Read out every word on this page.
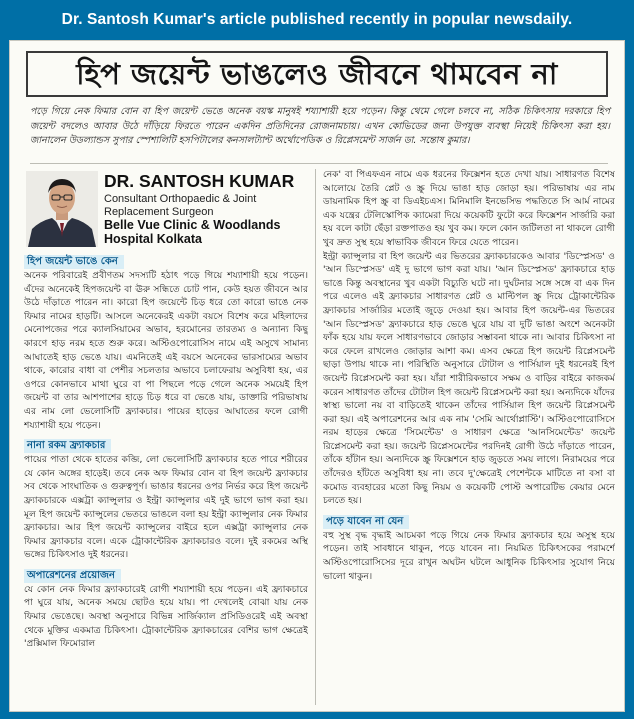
Dr. Santosh Kumar's article published recently in popular newsdaily.
হিপ জয়েন্ট ভাঙলেও জীবনে থামবেন না
পড়ে গিয়ে নেক ফিমার বোন বা হিপ জয়েন্ট ভেঙে অনেক বয়স্ক মানুষই শয্যাশায়ী হয়ে পড়েন। কিন্তু থেমে গেলে চলবে না, সঠিক চিকিৎসায় দরকারে হিপ জয়েন্ট বদলেও আবার উঠে দাঁড়িয়ে ফিরতে পারেন একদিন প্রতিদিনের রোজনামচায়। এখন কোভিডের জন্য উপযুক্ত ব্যবস্থা নিয়েই চিকিৎসা করা হয়। জানালেন উডল্যান্ডস সুপার স্পেশালিটি হসপিটালের কনসালট্যান্ট অর্থোপেডিক ও রিপ্লেসমেন্ট সার্জন ডা. সন্তোষ কুমার।
DR. SANTOSH KUMAR
Consultant Orthopaedic & Joint Replacement Surgeon
Belle Vue Clinic & Woodlands Hospital Kolkata
হিপ জয়েন্ট ভাঙে কেন

অনেক পরিবারেই প্রবীণতম সদস্যটি হঠাৎ পড়ে গিয়ে শয্যাশায়ী হয়ে পড়েন। এঁদের অনেকেই হিপজয়েন্ট বা ঊরু সন্ধিতে চোট পান, কেউ হয়ত জীবনে আর উঠে দাঁড়াতে পারেন না। কারো হিপ জয়েন্টে চিড় ধরে তো কারো ভাঙে নেক ফিমার নামের হাড়টি। আসলে অনেকেরই একটা বয়সে বিশেষ করে মহিলাদের মেনোপজের পরে ক্যালসিয়ামের অভাব, হরমোনের তারতম্য ও অন্যান্য কিছু কারণে হাড় নরম হতে শুরু করে। অস্টিওপোরোসিস নামে এই অসুখে সামান্য আঘাতেই হাড় ভেঙে যায়। এমনিতেই এই বয়সে অনেকের ভারসাম্যের অভাব থাকে, কারোর বাধা বা পেশীর সচলতার অভাবে চলাফেরায় অসুবিধা হয়, এর ওপরে কোনভাবে মাথা ঘুরে বা পা পিছলে পড়ে গেলে অনেক সময়েই হিপ জয়েন্ট বা তার আশপাশের হাড়ে চিড় ধরে বা ভেঙে যায়, ডাক্তারি পরিভাষায় এর নাম লো ভেলোসিটি ফ্র্যাকচার। পায়ের হাড়ের আঘাতের ফলে রোগী শয্যাশায়ী হয়ে পড়েন।

নানা রকম ফ্র্যাকচার

পায়ের পাতা থেকে হাতের কব্জি, লো ভেলোসিটি ফ্র্যাকচার হতে পারে শরীরের যে কোন অঙ্গের হাড়েই। তবে নেক অফ ফিমার বোন বা হিপ জয়েন্ট ফ্র্যাকচার সব থেকে সাংঘাতিক ও গুরুত্বপূর্ণ। ভাঙার ধরনের ওপর নির্ভর করে হিপ জয়েন্ট ফ্র্যাকচারকে এক্সট্রা ক্যাপ্সুলার ও ইন্ট্রা ক্যাপ্সুলার এই দুই ভাগে ভাগ করা হয়। মূল হিপ জয়েন্ট ক্যাপ্সুলের ভেতরে ভাঙলে বলা হয় ইন্ট্রা ক্যাপ্সুলার নেক ফিমার ফ্র্যাকচার। আর হিপ জয়েন্ট ক্যাপ্সুলের বাইরে হলে এক্সট্রা ক্যাপ্সুলার নেক ফিমার ফ্র্যাকচার বলে। একে ট্রোকান্টেরিক ফ্র্যাকচারও বলে। দুই রকমের অস্থি ভঙ্গের চিকিৎসাও দুই ধরনের।

অপারেশনের প্রয়োজন

যে কোন নেক ফিমার ফ্র্যাকচারেই রোগী শয্যাশায়ী হয়ে পড়েন। এই ফ্র্যাকচারে পা ঘুরে যায়, অনেক সময়ে ছোটও হয়ে যায়। পা দেখলেই বোঝা যায় নেক ফিমার ভেঙেছে। অবস্থা অনুসারে বিভিন্ন সার্জিক্যাল প্রসিডিওরেই এই অবস্থা থেকে মুক্তির একমাত্র চিকিৎসা। ট্রোকান্টেরিক ফ্র্যাকচারের বেশির ভাগ ক্ষেত্রেই 'প্রক্সিমাল ফিমোরাল

নেক' বা পিএফএন নামে এক ধরনের ফিক্সেশন হতে দেখা যায়। সাধারণত বিশেষ আলোয়ে তৈরি প্লেট ও স্ক্রু দিয়ে ভাঙা হাড় জোড়া হয়। পরিভাষায় এর নাম ডায়নামিক হিপ স্ক্রু বা ডিএইচএস। মিনিমালি ইনভেসিভ পদ্ধতিতে সি আর্ম নামের এক যন্ত্রের টেলিস্কোপিক ক্যামেরা দিয়ে কয়েকটি ফুটো করে ফিক্সেশন সার্জারি করা হয় বলে কাটা ছেঁড়া রক্তপাতও হয় খুব কম। ফলে কোন জটিলতা না থাকলে রোগী খুব দ্রুত সুস্থ হয়ে স্বাভাবিক জীবনে ফিরে যেতে পারেন।

ইন্ট্রা ক্যাপ্সুলার বা হিপ জয়েন্ট এর ভিতরের ফ্র্যাকচারকেও আবার 'ডিস্প্লেসড' ও 'আন ডিস্প্লেসড' এই দু ভাগে ভাগ করা যায়। 'আন ডিস্প্লেসড' ফ্র্যাকচারে হাড় ভাঙে কিন্তু অবস্থানের খুব একটা বিচ্যুতি ঘটে না। দুর্ঘটনার সঙ্গে সঙ্গে বা এক দিন পরে এলেও এই ফ্র্যাকচার সাধারণত প্লেট ও মাল্টিপল স্ক্রু দিয়ে ট্রোকান্টেরিক ফ্র্যাকচার সার্জারির মতোই জুড়ে দেওয়া হয়। আবার হিপ জয়েন্ট-এর ভিতরের 'আন ডিস্প্লেসড' ফ্র্যাকচারে হাড় ভেঙে ঘুরে যায় বা দুটি ভাঙা অংশে অনেকটা ফাঁক হয়ে যায় ফলে সাধারণভাবে জোড়ার সম্ভাবনা থাকে না। আবার চিকিৎসা না করে ফেলে রাখলেও জোড়ার আশা কম। এসব ক্ষেত্রে হিপ জয়েন্ট রিপ্লেসমেন্ট ছাড়া উপায় থাকে না। পরিস্থিতি অনুসারে টোটাল ও পার্সিয়াল দুই ধরনেরই হিপ জয়েন্ট রিপ্লেসমেন্ট করা হয়। যাঁরা শারীরিকভাবে সক্ষম ও বাড়ির বাইরে কাজকর্ম করেন সাধারণত তাঁদের টোটাল হিপ জয়েন্ট রিপ্লেসমেন্ট করা হয়। অন্যদিকে যাঁদের স্বাস্থ্য ভালো নয় বা বাড়িতেই থাকেন তাঁদের পার্সিয়াল হিপ জয়েন্ট রিপ্লেসমেন্ট করা হয়। এই অপারেশনের আর এক নাম 'সেমি আর্থোপ্লাস্টি'। অস্টিওপোরোসিসে নরম হাড়ের ক্ষেত্রে 'সিমেন্টেড' ও সাধারণ ক্ষেত্রে 'আনসিমেন্টেড' জয়েন্ট রিপ্লেসমেন্ট করা হয়। জয়েন্ট রিপ্লেসমেন্টের পরদিনই রোগী উঠে দাঁড়াতে পারেন, তাঁকে হাঁটান হয়। অন্যদিকে স্ক্রু ফিক্সেশনে হাড় জুড়তে সময় লাগে। নিরাময়ের পরে তাঁদেরও হাঁটতে অসুবিধা হয় না। তবে দু'ক্ষেত্রেই পেশেন্টকে মাটিতে না বসা বা কমোড ব্যবহারের মতো কিছু নিয়ম ও কয়েকটি পোস্ট অপারেটিভ কেয়ার মেনে চলতে হয়।

পড়ে যাবেন না যেন

বহু সুস্থ বৃদ্ধ বৃদ্ধাই আচমকা পড়ে গিয়ে নেক ফিমার ফ্র্যাকচার হয়ে অসুস্থ হয়ে পড়েন। তাই সাবধানে থাকুন, পড়ে যাবেন না। নিয়মিত চিকিৎসকের পরামর্শে অস্টিওপোরোসিসের দূরে রাখুন অঘটন ঘটলে আধুনিক চিকিৎসার সুযোগ নিয়ে ভালো থাকুন।
